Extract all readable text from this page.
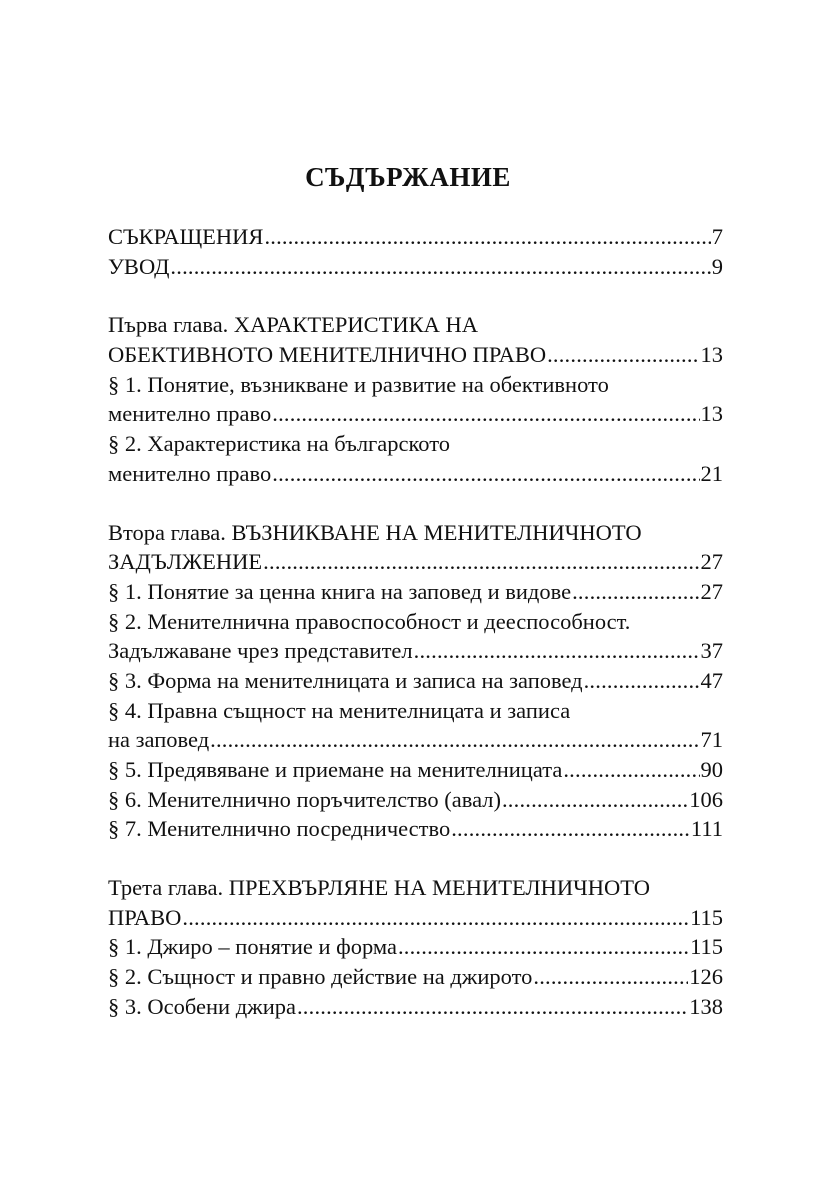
СЪДЪРЖАНИЕ
СЪКРАЩЕНИЯ .....	7
УВОД .....	9
Първа глава. ХАРАКТЕРИСТИКА НА
ОБЕКТИВНОТО МЕНИТЕЛНИЧНО ПРАВО .....	13
§ 1. Понятие, възникване и развитие на обективното
менително право .....	13
§ 2. Характеристика на българското
менително право .....	21
Втора глава. ВЪЗНИКВАНЕ НА МЕНИТЕЛНИЧНОТО
ЗАДЪЛЖЕНИЕ .....	27
§ 1. Понятие за ценна книга на заповед и видове .....	27
§ 2. Менителнична правоспособност и дееспособност.
Задължаване чрез представител .....	37
§ 3. Форма на менителницата и записа на заповед .....	47
§ 4. Правна същност на менителницата и записа
на заповед .....	71
§ 5. Предявяване и приемане на менителницата .....	90
§ 6. Менителнично поръчителство (авал) .....	106
§ 7. Менителнично посредничество .....	111
Трета глава. ПРЕХВЪРЛЯНЕ НА МЕНИТЕЛНИЧНОТО
ПРАВО .....	115
§ 1. Джиро – понятие и форма .....	115
§ 2. Същност и правно действие на джирото .....	126
§ 3. Особени джира .....	138
